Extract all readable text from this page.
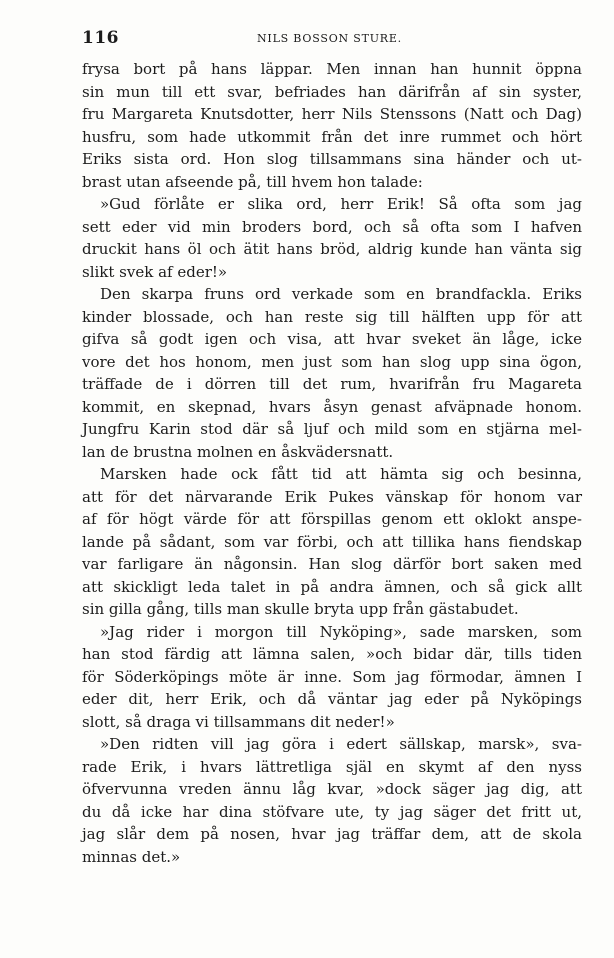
116	NILS BOSSON STURE.
frysa bort på hans läppar. Men innan han hunnit öppna
sin mun till ett svar, befriades han därifrån af sin syster,
fru Margareta Knutsdotter, herr Nils Stenssons (Natt och Dag)
husfru, som hade utkommit från det inre rummet och hört
Eriks sista ord. Hon slog tillsammans sina händer och ut-
brast utan afseende på, till hvem hon talade:
»Gud förlåte er slika ord, herr Erik! Så ofta som jag
sett eder vid min broders bord, och så ofta som I hafven
druckit hans öl och ätit hans bröd, aldrig kunde han vänta sig
slikt svek af eder!»
Den skarpa fruns ord verkade som en brandfackla. Eriks
kinder blossade, och han reste sig till hälften upp för att
gifva så godt igen och visa, att hvar sveket än låge, icke
vore det hos honom, men just som han slog upp sina ögon,
träffade de i dörren till det rum, hvarifrån fru Magareta
kommit, en skepnad, hvars åsyn genast afväpnade honom.
Jungfru Karin stod där så ljuf och mild som en stjärna mel-
lan de brustna molnen en åskvädersnatt.
Marsken hade ock fått tid att hämta sig och besinna,
att för det närvarande Erik Pukes vänskap för honom var
af för högt värde för att förspillas genom ett oklokt anspe-
lande på sådant, som var förbi, och att tillika hans fiendskap
var farligare än någonsin. Han slog därför bort saken med
att skickligt leda talet in på andra ämnen, och så gick allt
sin gilla gång, tills man skulle bryta upp från gästabudet.
»Jag rider i morgon till Nyköping», sade marsken, som
han stod färdig att lämna salen, »och bidar där, tills tiden
för Söderköpings möte är inne. Som jag förmodar, ämnen I
eder dit, herr Erik, och då väntar jag eder på Nyköpings
slott, så draga vi tillsammans dit neder!»
»Den ridten vill jag göra i edert sällskap, marsk», sva-
rade Erik, i hvars lättretliga själ en skymt af den nyss
öfvervunna vreden ännu låg kvar, »dock säger jag dig, att
du då icke har dina stöfvare ute, ty jag säger det fritt ut,
jag slår dem på nosen, hvar jag träffar dem, att de skola
minnas det.»
